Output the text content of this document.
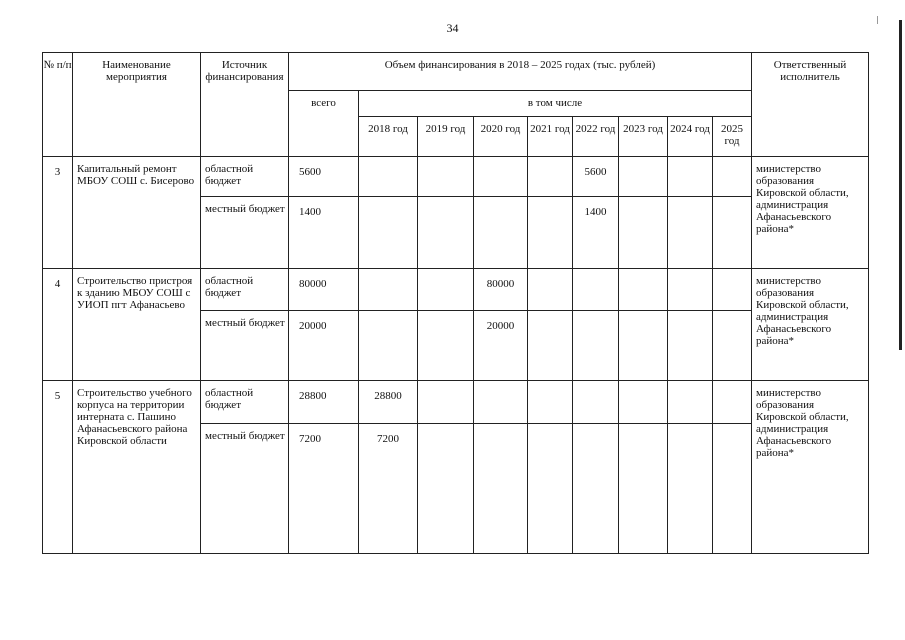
34
№ п/п	Наименование мероприятия	Источник финансирования	Объем финансирования в 2018 – 2025 годах (тыс. рублей)									Ответственный исполнитель
			всего	в том числе								
				2018 год	2019 год	2020 год	2021 год	2022 год	2023 год	2024 год	2025 год	
3	Капитальный ремонт МБОУ СОШ с. Бисерово	областной бюджет	5600					5600				министерство образования Кировской области, администрация Афанасьевского района*
		местный бюджет	1400					1400				
4	Строительство пристроя к зданию МБОУ СОШ с УИОП пгт Афанасьево	областной бюджет	80000			80000						министерство образования Кировской области, администрация Афанасьевского района*
		местный бюджет	20000			20000						
5	Строительство учебного корпуса на территории интерната с. Пашино Афанасьевского района Кировской области	областной бюджет	28800	28800								министерство образования Кировской области, администрация Афанасьевского района*
		местный бюджет	7200	7200								
